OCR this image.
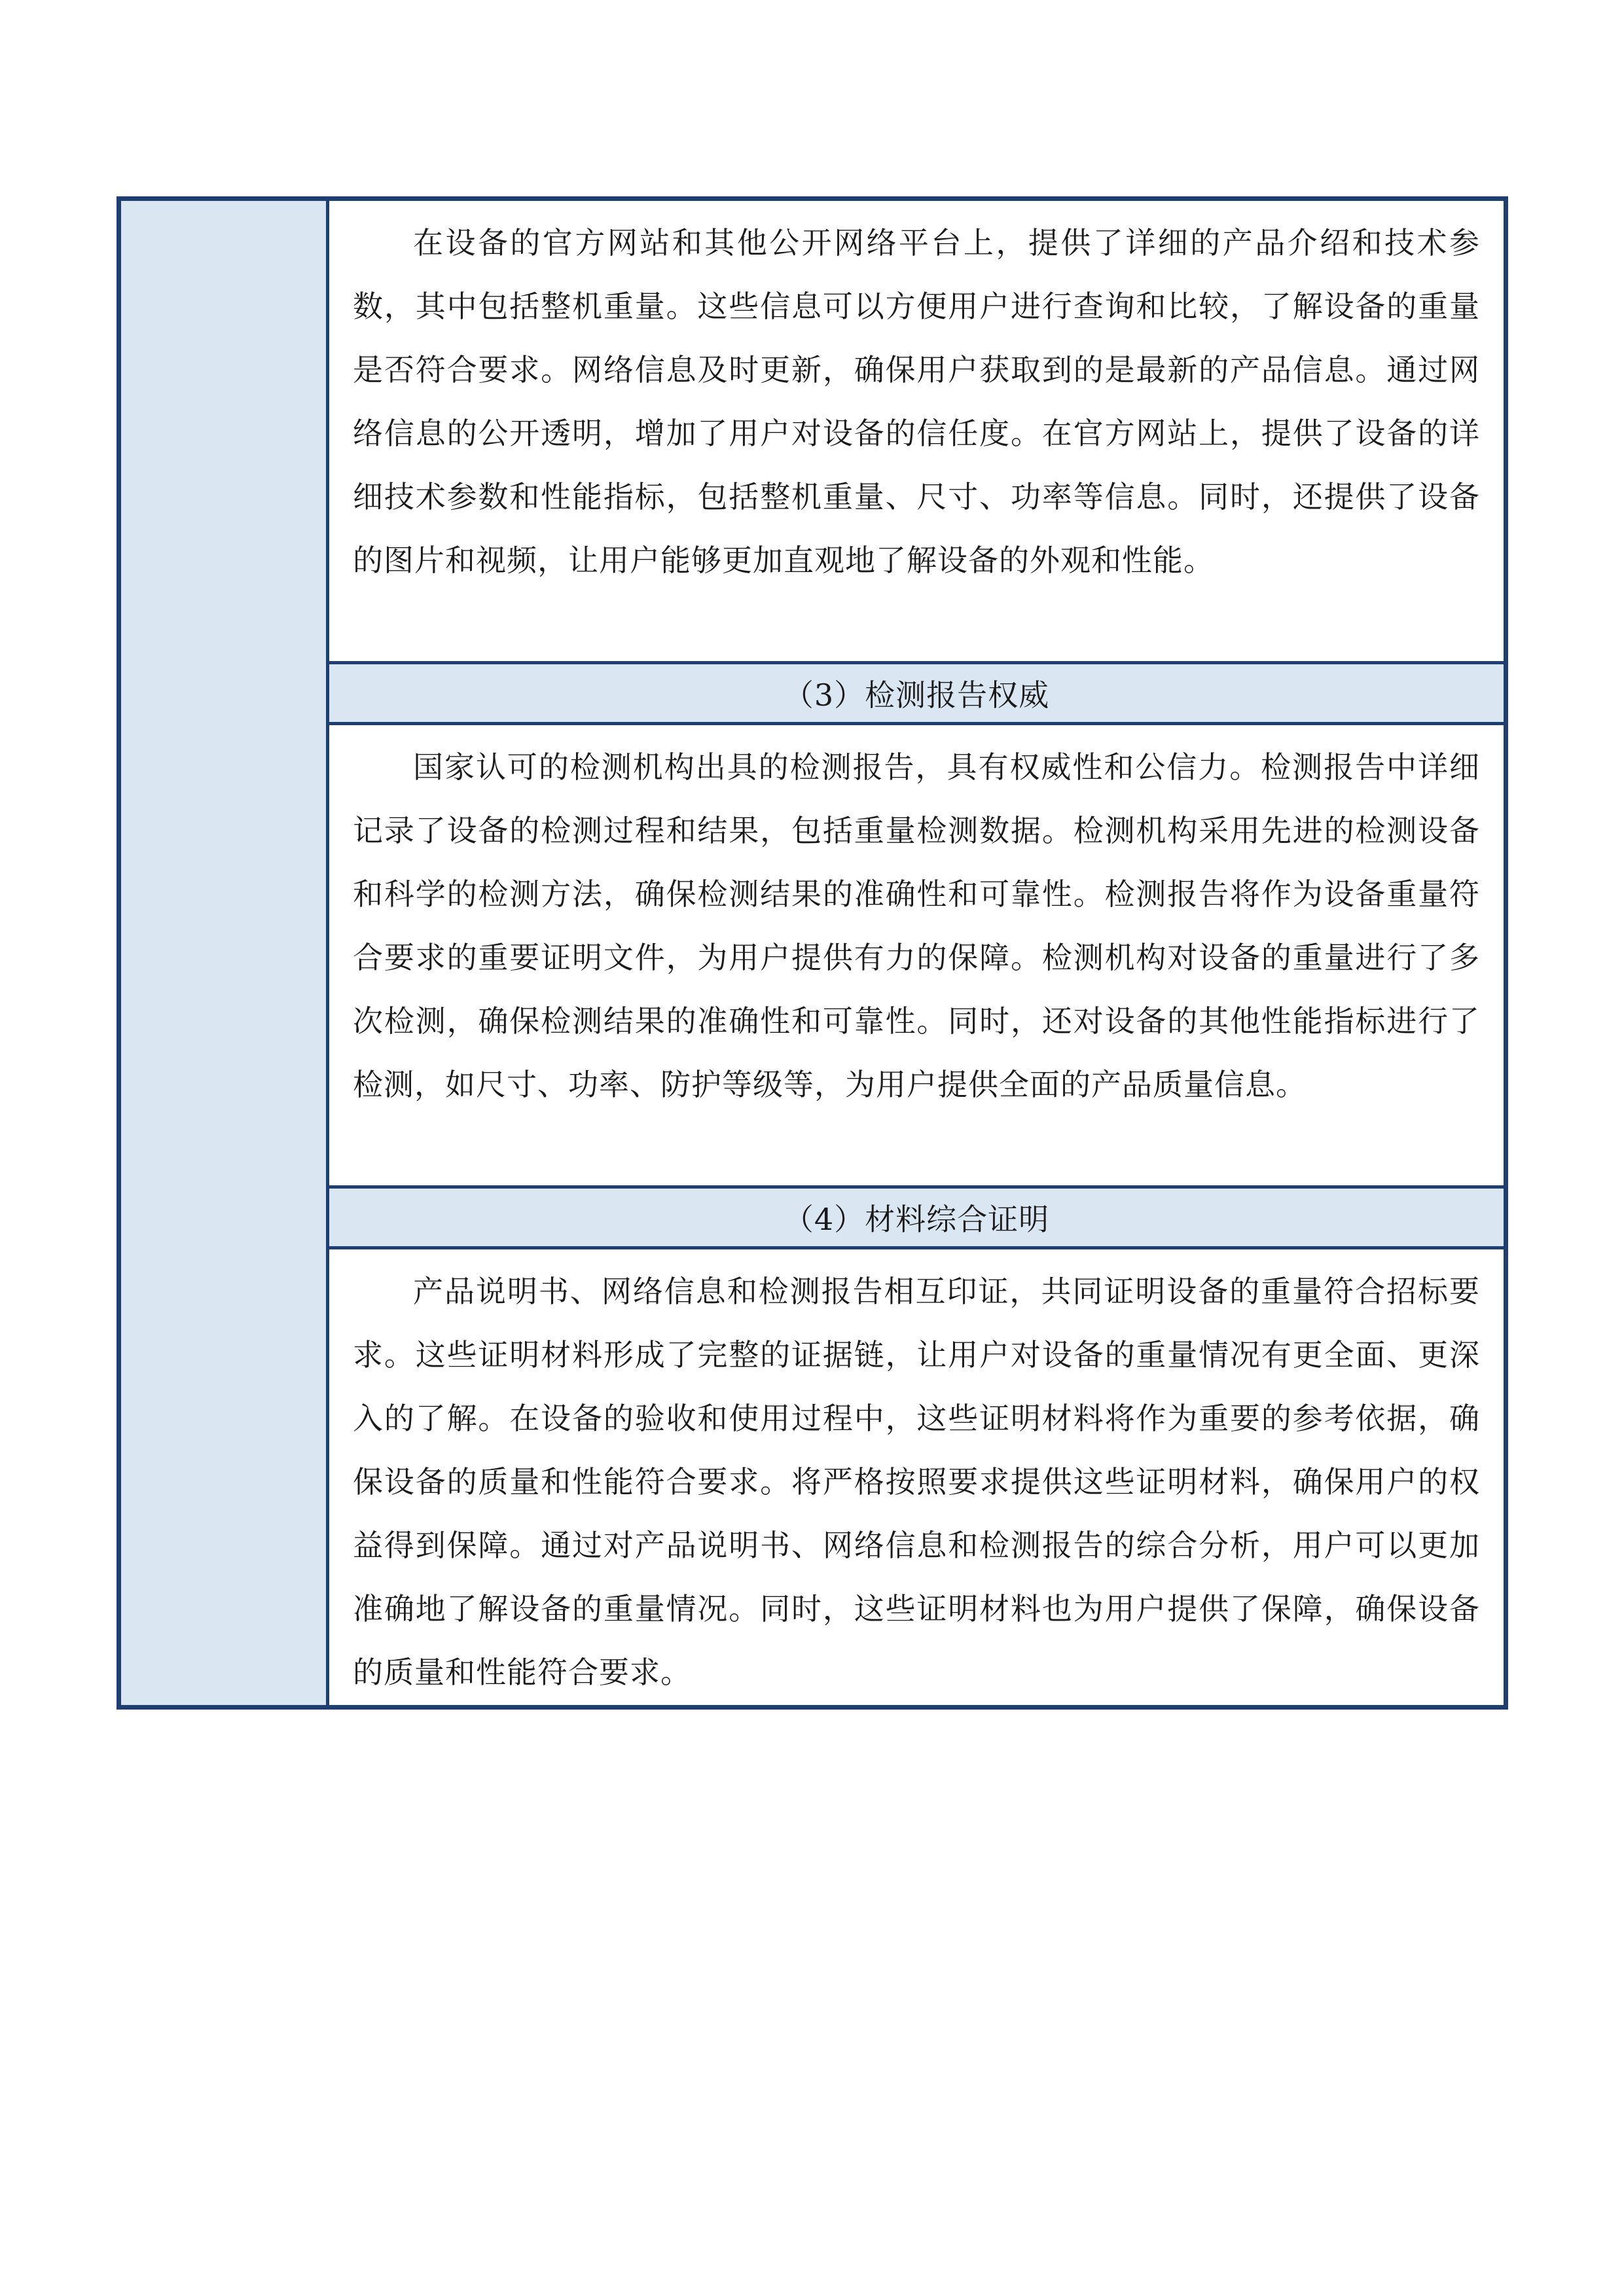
在设备的官方网站和其他公开网络平台上，提供了详细的产品介绍和技术参数，其中包括整机重量。这些信息可以方便用户进行查询和比较，了解设备的重量是否符合要求。网络信息及时更新，确保用户获取到的是最新的产品信息。通过网络信息的公开透明，增加了用户对设备的信任度。在官方网站上，提供了设备的详细技术参数和性能指标，包括整机重量、尺寸、功率等信息。同时，还提供了设备的图片和视频，让用户能够更加直观地了解设备的外观和性能。
（3）检测报告权威
国家认可的检测机构出具的检测报告，具有权威性和公信力。检测报告中详细记录了设备的检测过程和结果，包括重量检测数据。检测机构采用先进的检测设备和科学的检测方法，确保检测结果的准确性和可靠性。检测报告将作为设备重量符合要求的重要证明文件，为用户提供有力的保障。检测机构对设备的重量进行了多次检测，确保检测结果的准确性和可靠性。同时，还对设备的其他性能指标进行了检测，如尺寸、功率、防护等级等，为用户提供全面的产品质量信息。
（4）材料综合证明
产品说明书、网络信息和检测报告相互印证，共同证明设备的重量符合招标要求。这些证明材料形成了完整的证据链，让用户对设备的重量情况有更全面、更深入的了解。在设备的验收和使用过程中，这些证明材料将作为重要的参考依据，确保设备的质量和性能符合要求。将严格按照要求提供这些证明材料，确保用户的权益得到保障。通过对产品说明书、网络信息和检测报告的综合分析，用户可以更加准确地了解设备的重量情况。同时，这些证明材料也为用户提供了保障，确保设备的质量和性能符合要求。
